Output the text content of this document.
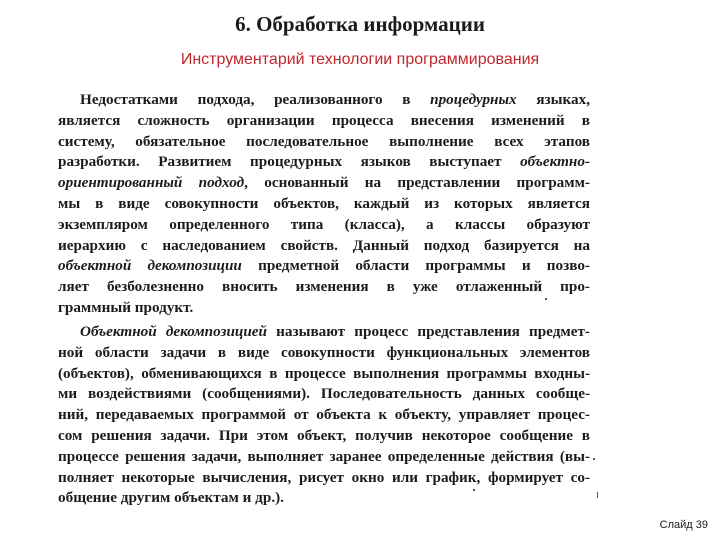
6. Обработка информации
Инструментарий технологии программирования
Недостатками подхода, реализованного в процедурных языках,
является сложность организации процесса внесения изменений в
систему, обязательное последовательное выполнение всех этапов
разработки. Развитием процедурных языков выступает объектно-
ориентированный подход, основанный на представлении программ-
мы в виде совокупности объектов, каждый из которых является
экземпляром определенного типа (класса), а классы образуют
иерархию с наследованием свойств. Данный подход базируется на
объектной декомпозиции предметной области программы и позво-
ляет безболезненно вносить изменения в уже отлаженный про-
граммный продукт.
Объектной декомпозицией называют процесс представления предмет-
ной области задачи в виде совокупности функциональных элементов
(объектов), обменивающихся в процессе выполнения программы входны-
ми воздействиями (сообщениями). Последовательность данных сообще-
ний, передаваемых программой от объекта к объекту, управляет процес-
сом решения задачи. При этом объект, получив некоторое сообщение в
процессе решения задачи, выполняет заранее определенные действия (вы-
полняет некоторые вычисления, рисует окно или график, формирует со-
общение другим объектам и др.).
Слайд 39
